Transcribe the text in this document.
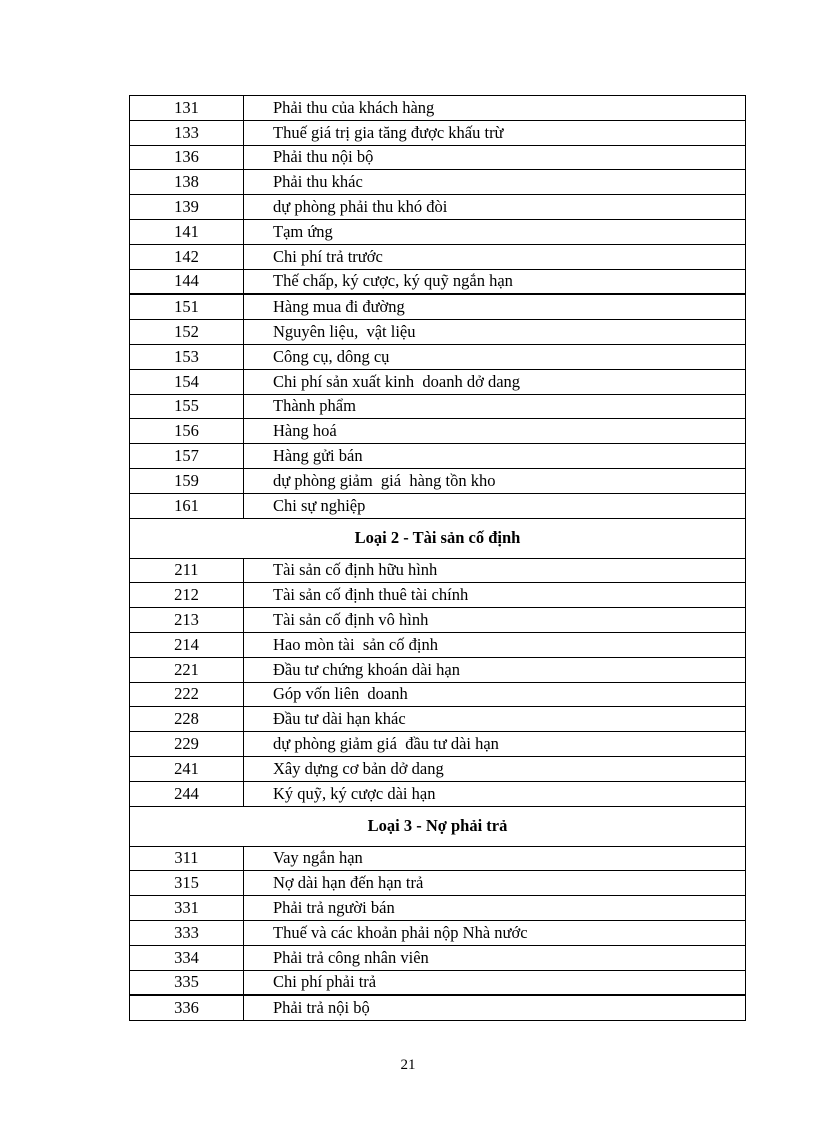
131	Phải thu của khách hàng
133	Thuế giá trị gia tăng được khấu trừ
136	Phải thu nội bộ
138	Phải thu khác
139	dự phòng phải thu khó đòi
141	Tạm ứng
142	Chi phí trả trước
144	Thế chấp, ký cược, ký quỹ ngắn hạn
151	Hàng mua đi đường
152	Nguyên liệu,  vật liệu
153	Công cụ, dông cụ
154	Chi phí sản xuất kinh  doanh dở dang
155	Thành phẩm
156	Hàng hoá
157	Hàng gửi bán
159	dự phòng giảm  giá  hàng tồn kho
161	Chi sự nghiệp
Loại 2 - Tài sản cố định	
211	Tài sản cố định hữu hình
212	Tài sản cố định thuê tài chính
213	Tài sản cố định vô hình
214	Hao mòn tài  sản cố định
221	Đầu tư chứng khoán dài hạn
222	Góp vốn liên  doanh
228	Đầu tư dài hạn khác
229	dự phòng giảm giá  đầu tư dài hạn
241	Xây dựng cơ bản dở dang
244	Ký quỹ, ký cược dài hạn
Loại 3 - Nợ phải trả	
311	Vay ngắn hạn
315	Nợ dài hạn đến hạn trả
331	Phải trả người bán
333	Thuế và các khoản phải nộp Nhà nước
334	Phải trả công nhân viên
335	Chi phí phải trả
336	Phải trả nội bộ
21
